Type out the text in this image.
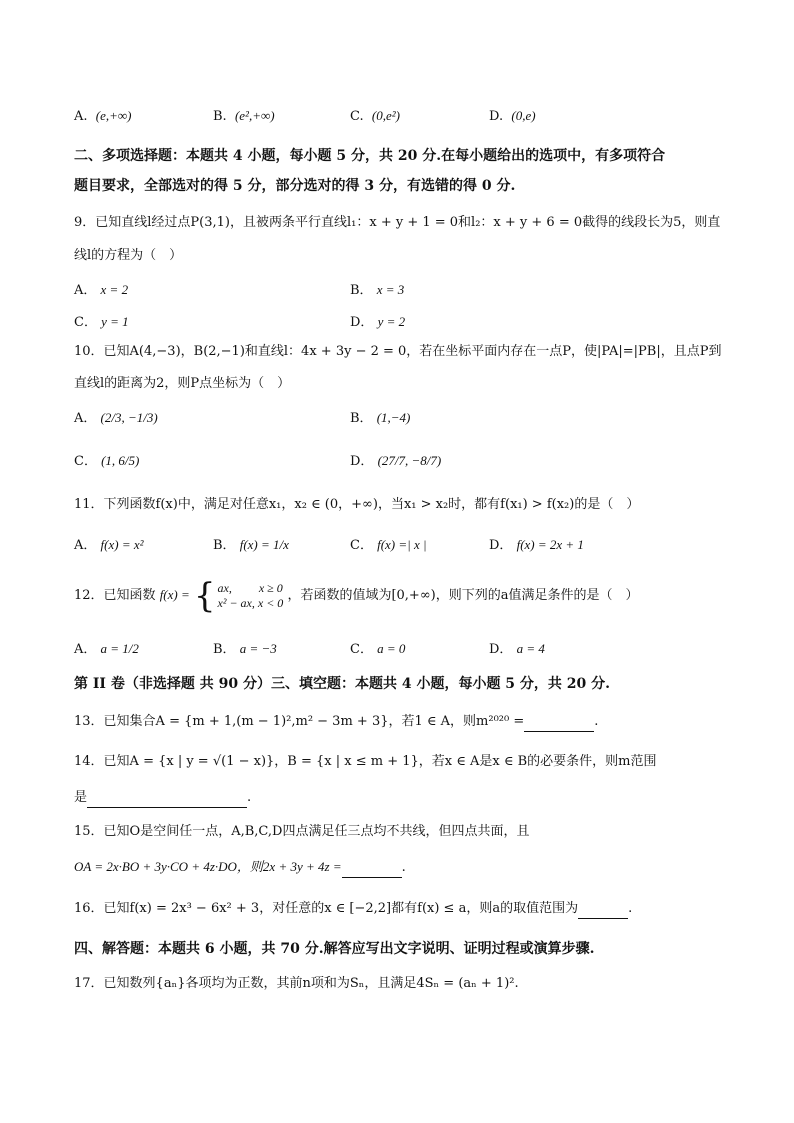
A. (e,+∞)	B. (e²,+∞)	C. (0,e²)	D. (0,e)
二、多项选择题：本题共 4 小题，每小题 5 分，共 20 分.在每小题给出的选项中，有多项符合
题目要求，全部选对的得 5 分，部分选对的得 3 分，有选错的得 0 分.
9．已知直线l经过点P(3,1)，且被两条平行直线l₁：x + y + 1 = 0和l₂：x + y + 6 = 0截得的线段长为5，则直
线l的方程为（　）
A． x = 2	B． x = 3
C． y = 1	D． y = 2
10．已知A(4,−3)，B(2,−1)和直线l：4x + 3y − 2 = 0，若在坐标平面内存在一点P，使|PA|=|PB|，且点P到
直线l的距离为2，则P点坐标为（　）
A． (2/3, −1/3)	B． (1,−4)
C． (1, 6/5)	D． (27/7, −8/7)
11．下列函数f(x)中，满足对任意x₁，x₂ ∈ (0，+∞)，当x₁ > x₂时，都有f(x₁) > f(x₂)的是（　）
A． f(x) = x²	B． f(x) = 1/x	C． f(x) =| x |	D． f(x) = 2x + 1
12．已知函数 f(x) = { ax,　　 x ≥ 0
x² − ax, x < 0 ，若函数的值域为[0,+∞)，则下列的a值满足条件的是（　）
A． a = 1/2	B． a = −3	C． a = 0	D． a = 4
第 II 卷（非选择题 共 90 分）三、填空题：本题共 4 小题，每小题 5 分，共 20 分.
13．已知集合A = {m + 1,(m − 1)²,m² − 3m + 3}，若1 ∈ A，则m²⁰²⁰ =	.
14．已知A = {x | y = √(1 − x)}，B = {x | x ≤ m + 1}，若x ∈ A是x ∈ B的必要条件，则m范围
是	.
15．已知O是空间任一点，A,B,C,D四点满足任三点均不共线，但四点共面，且
OA = 2x·BO + 3y·CO + 4z·DO，则2x + 3y + 4z =	.
16．已知f(x) = 2x³ − 6x² + 3，对任意的x ∈ [−2,2]都有f(x) ≤ a，则a的取值范围为	.
四、解答题：本题共 6 小题，共 70 分.解答应写出文字说明、证明过程或演算步骤.
17．已知数列{aₙ}各项均为正数，其前n项和为Sₙ，且满足4Sₙ = (aₙ + 1)².
